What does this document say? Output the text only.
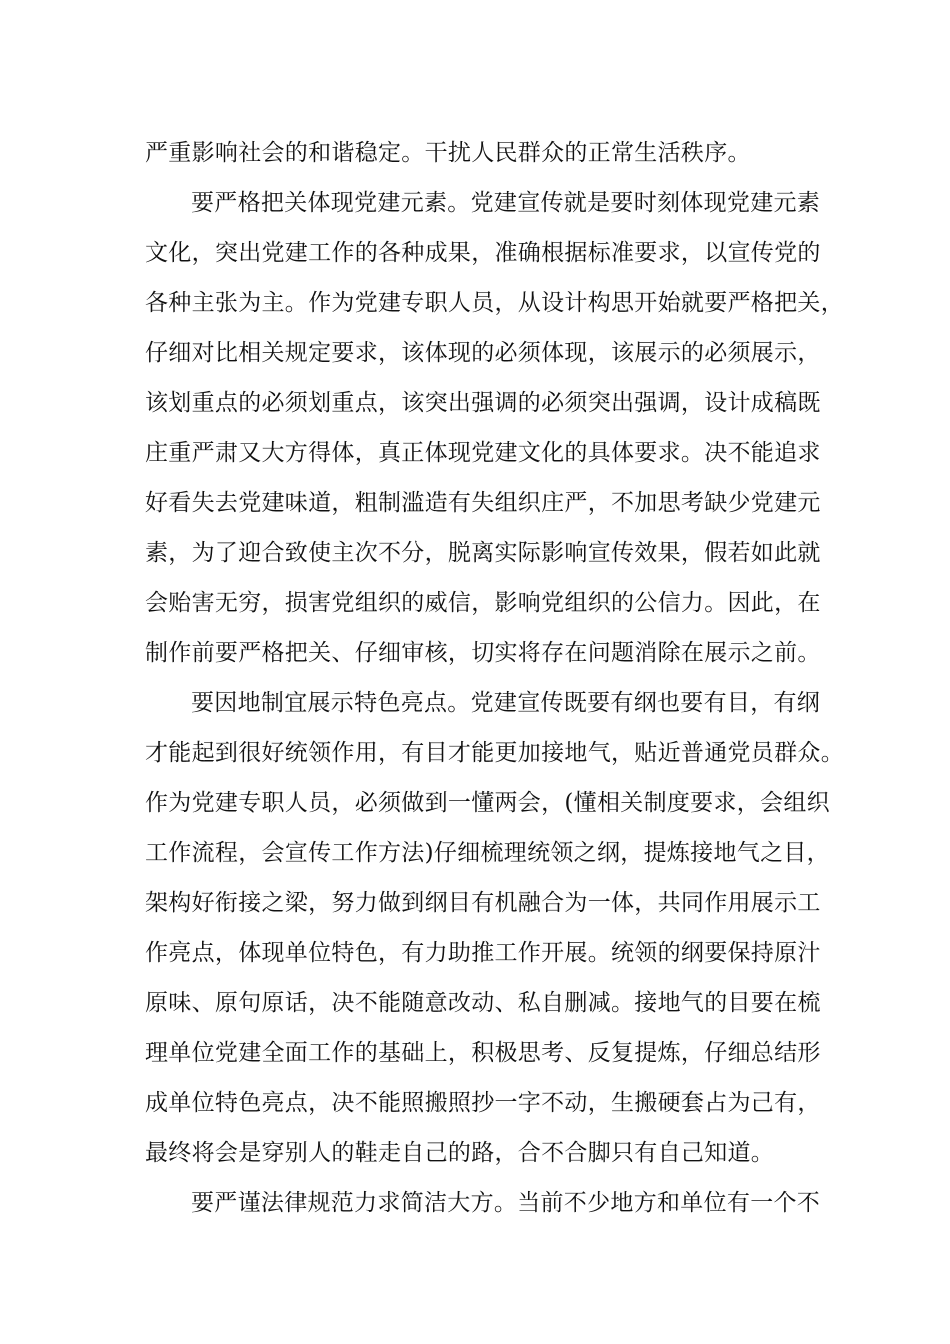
严重影响社会的和谐稳定。干扰人民群众的正常生活秩序。
要严格把关体现党建元素。党建宣传就是要时刻体现党建元素
文化，突出党建工作的各种成果，准确根据标准要求，以宣传党的
各种主张为主。作为党建专职人员，从设计构思开始就要严格把关，
仔细对比相关规定要求，该体现的必须体现，该展示的必须展示，
该划重点的必须划重点，该突出强调的必须突出强调，设计成稿既
庄重严肃又大方得体，真正体现党建文化的具体要求。决不能追求
好看失去党建味道，粗制滥造有失组织庄严，不加思考缺少党建元
素，为了迎合致使主次不分，脱离实际影响宣传效果，假若如此就
会贻害无穷，损害党组织的威信，影响党组织的公信力。因此，在
制作前要严格把关、仔细审核，切实将存在问题消除在展示之前。
要因地制宜展示特色亮点。党建宣传既要有纲也要有目，有纲
才能起到很好统领作用，有目才能更加接地气，贴近普通党员群众。
作为党建专职人员，必须做到一懂两会，(懂相关制度要求，会组织
工作流程，会宣传工作方法)仔细梳理统领之纲，提炼接地气之目，
架构好衔接之梁，努力做到纲目有机融合为一体，共同作用展示工
作亮点，体现单位特色，有力助推工作开展。统领的纲要保持原汁
原味、原句原话，决不能随意改动、私自删减。接地气的目要在梳
理单位党建全面工作的基础上，积极思考、反复提炼，仔细总结形
成单位特色亮点，决不能照搬照抄一字不动，生搬硬套占为己有，
最终将会是穿别人的鞋走自己的路，合不合脚只有自己知道。
要严谨法律规范力求简洁大方。当前不少地方和单位有一个不
